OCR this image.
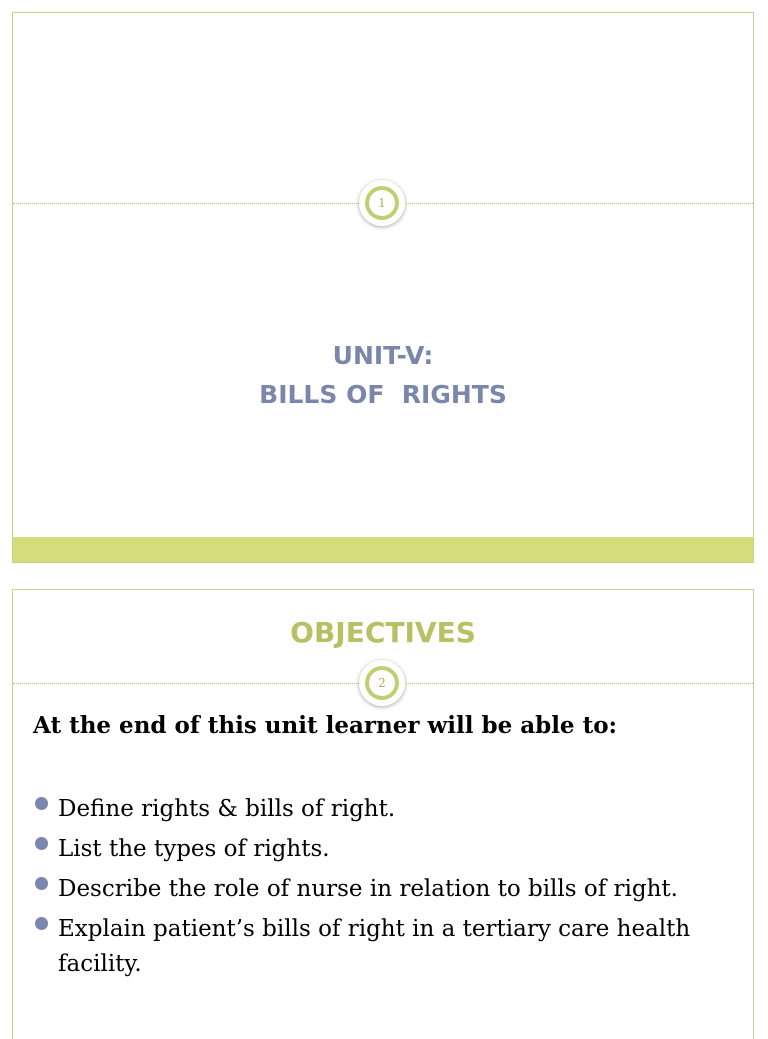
1
UNIT-V:
BILLS OF  RIGHTS
OBJECTIVES
2
At the end of this unit learner will be able to:
Define rights & bills of right.
List the types of rights.
Describe the role of nurse in relation to bills of right.
Explain patient’s bills of right in a tertiary care health facility.
